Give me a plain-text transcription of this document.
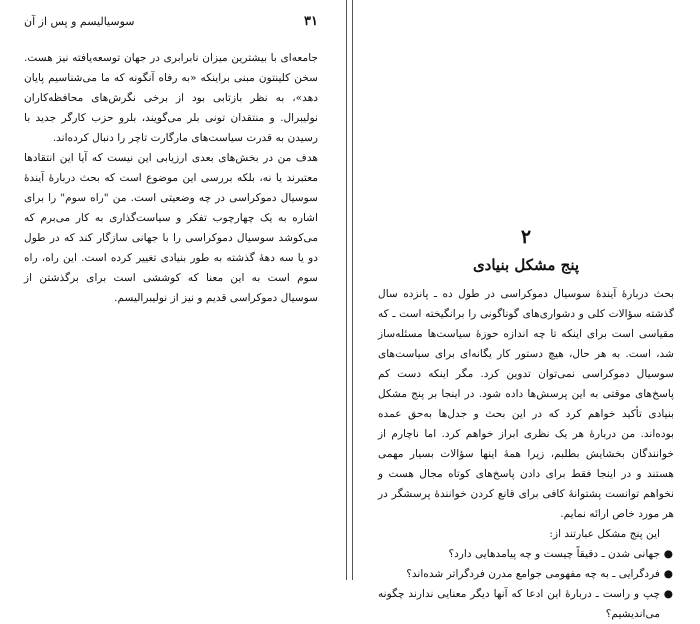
سوسیالیسم و پس از آن	۳۱

جامعه‌ای با بیشترین میزان نابرابری در جهان توسعه‌یافته نیز هست. سخن کلینتون مبنی براینکه «به رفاه آنگونه که ما می‌شناسیم پایان دهد»، به نظر بازتابی بود از برخی نگرش‌های محافظه‌کاران نولیبرال. و منتقدان تونی بلر می‌گویند، بلرو حزب کارگر جدید با رسیدن به قدرت سیاست‌های مارگارت تاچر را دنبال کرده‌اند.

هدف من در بخش‌های بعدی ارزیابی این نیست که آیا این انتقادها معتبرند یا نه، بلکه بررسی این موضوع است که بحث دربارهٔ آیندهٔ سوسیال دموکراسی در چه وضعیتی است. من "راه سوم" را برای اشاره به یک چهارچوب تفکر و سیاست‌گذاری به کار می‌برم که می‌کوشد سوسیال دموکراسی را با جهانی سازگار کند که در طول دو یا سه دههٔ گذشته به طور بنیادی تغییر کرده است. این راه، راه سوم است به این معنا که کوششی است برای برگذشتن از سوسیال دموکراسی قدیم و نیز از نولیبرالیسم.

۲
پنج مشکل بنیادی

بحث دربارهٔ آیندهٔ سوسیال دموکراسی در طول ده ـ پانزده سال گذشته سؤالات کلی و دشواری‌های گوناگونی را برانگیخته است ـ که مقیاسی است برای اینکه تا چه اندازه حوزهٔ سیاست‌ها مسئله‌ساز شد، است. به هر حال، هیچ دستور کار یگانه‌ای برای سیاست‌های سوسیال دموکراسی نمی‌توان تدوین کرد. مگر اینکه دست کم پاسخ‌های موقتی به این پرسش‌ها داده شود. در اینجا بر پنج مشکل بنیادی تأکید خواهم کرد که در این بحث و جدل‌ها به‌حق عمده بوده‌اند. من دربارهٔ هر یک نظری ابراز خواهم کرد. اما ناچارم از خوانندگان بخشایش بطلبم، زیرا همهٔ اینها سؤالات بسیار مهمی هستند و در اینجا فقط برای دادن پاسخ‌های کوتاه مجال هست و نخواهم توانست پشتوانهٔ کافی برای قانع کردن خوانندهٔ پرسشگر در هر مورد خاص ارائه نمایم.

این پنج مشکل عبارتند از:

●
جهانی شدن ـ دقیقاً چیست و چه پیامدهایی دارد؟
●
فردگرایی ـ به چه مفهومی جوامع مدرن فردگراتر شده‌اند؟
●
چپ و راست ـ دربارهٔ این ادعا که آنها دیگر معنایی ندارند چگونه می‌اندیشیم؟
